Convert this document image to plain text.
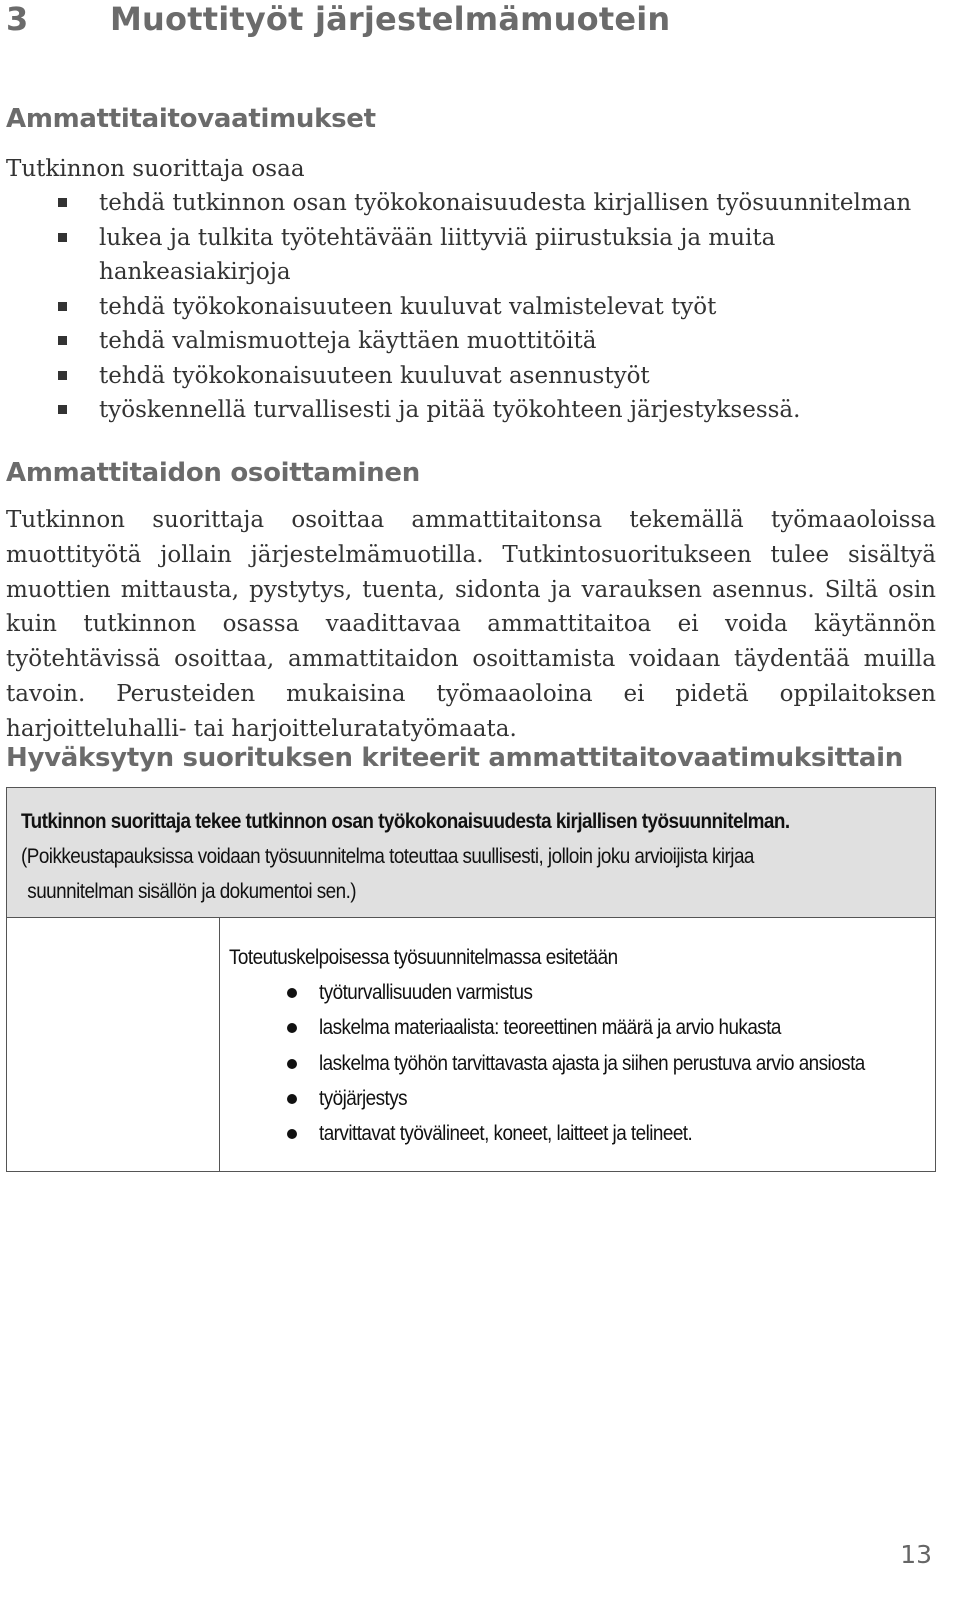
3	Muottityöt järjestelmämuotein
Ammattitaitovaatimukset
Tutkinnon suorittaja osaa
tehdä tutkinnon osan työkokonaisuudesta kirjallisen työsuunnitelman
lukea ja tulkita työtehtävään liittyviä piirustuksia ja muita hankeasiakirjoja
tehdä työkokonaisuuteen kuuluvat valmistelevat työt
tehdä valmismuotteja käyttäen muottitöitä
tehdä työkokonaisuuteen kuuluvat asennustyöt
työskennellä turvallisesti ja pitää työkohteen järjestyksessä.
Ammattitaidon osoittaminen

Tutkinnon suorittaja osoittaa ammattitaitonsa tekemällä työmaaoloissa muottityötä jollain järjestelmämuotilla. Tutkintosuoritukseen tulee sisältyä muottien mittausta, pystytys, tuenta, sidonta ja varauksen asennus. Siltä osin kuin tutkinnon osassa vaadittavaa ammattitaitoa ei voida käytännön työtehtävissä osoittaa, ammattitaidon osoittamista voidaan täydentää muilla tavoin. Perusteiden mukaisina työmaaoloina ei pidetä oppilaitoksen harjoitteluhalli- tai harjoitteluratatyömaata.

Hyväksytyn suorituksen kriteerit ammattitaitovaatimuksittain
Tutkinnon suorittaja tekee tutkinnon osan työkokonaisuudesta kirjallisen työsuunnitelman.
(Poikkeustapauksissa voidaan työsuunnitelma toteuttaa suullisesti, jolloin joku arvioijista kirjaa
suunnitelman sisällön ja dokumentoi sen.)
Toteutuskelpoisessa työsuunnitelmassa esitetään
työturvallisuuden varmistus
laskelma materiaalista: teoreettinen määrä ja arvio hukasta
laskelma työhön tarvittavasta ajasta ja siihen perustuva arvio ansiosta
työjärjestys
tarvittavat työvälineet, koneet, laitteet ja telineet.
13
